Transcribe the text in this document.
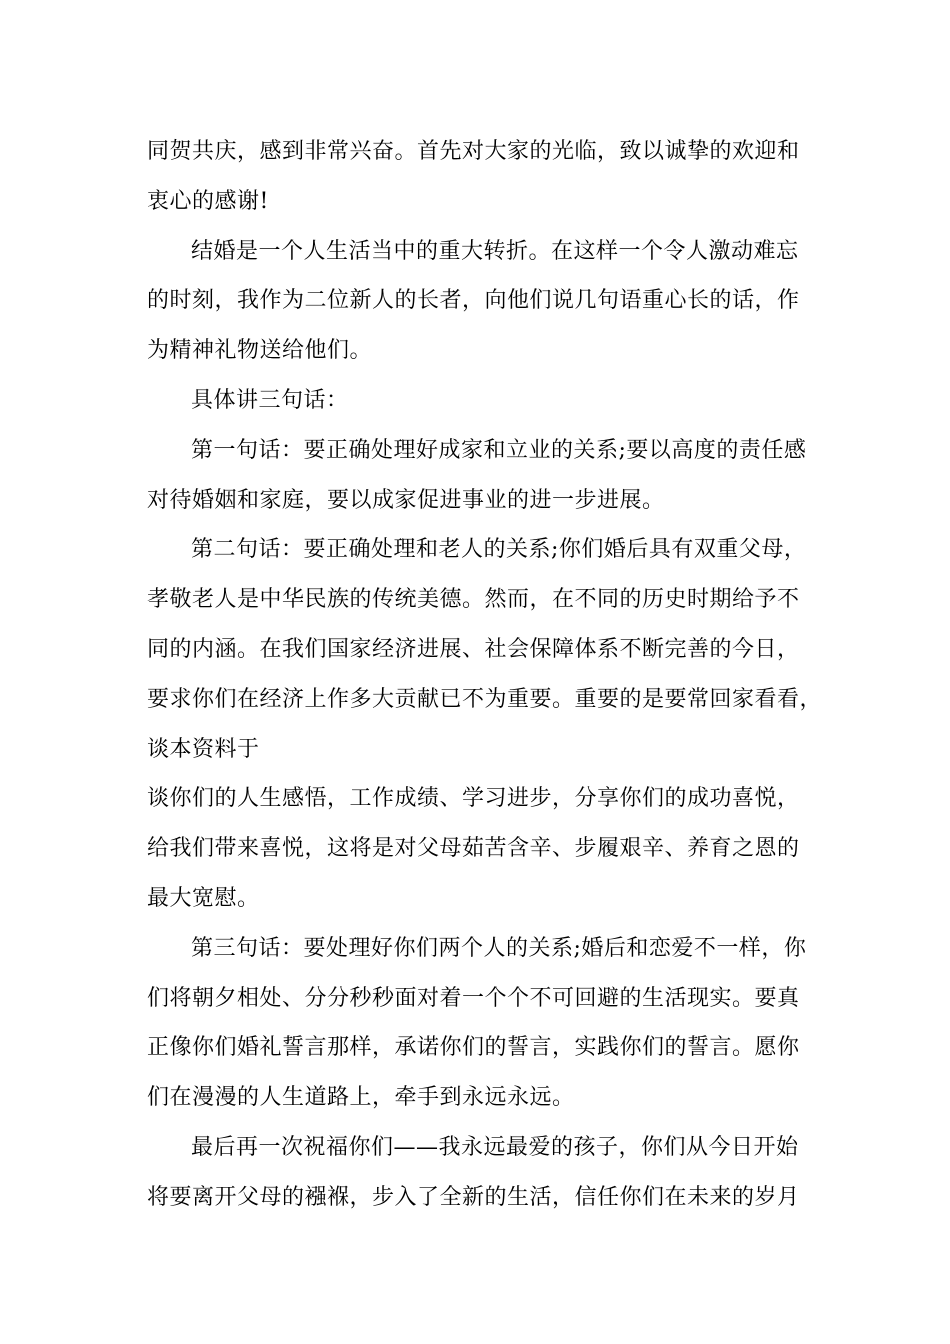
同贺共庆，感到非常兴奋。首先对大家的光临，致以诚挚的欢迎和
衷心的感谢!
结婚是一个人生活当中的重大转折。在这样一个令人激动难忘
的时刻，我作为二位新人的长者，向他们说几句语重心长的话，作
为精神礼物送给他们。
具体讲三句话：
第一句话：要正确处理好成家和立业的关系;要以高度的责任感
对待婚姻和家庭，要以成家促进事业的进一步进展。
第二句话：要正确处理和老人的关系;你们婚后具有双重父母，
孝敬老人是中华民族的传统美德。然而，在不同的历史时期给予不
同的内涵。在我们国家经济进展、社会保障体系不断完善的今日，
要求你们在经济上作多大贡献已不为重要。重要的是要常回家看看，
谈本资料于
谈你们的人生感悟，工作成绩、学习进步，分享你们的成功喜悦，
给我们带来喜悦，这将是对父母茹苦含辛、步履艰辛、养育之恩的
最大宽慰。
第三句话：要处理好你们两个人的关系;婚后和恋爱不一样，你
们将朝夕相处、分分秒秒面对着一个个不可回避的生活现实。要真
正像你们婚礼誓言那样，承诺你们的誓言，实践你们的誓言。愿你
们在漫漫的人生道路上，牵手到永远永远。
最后再一次祝福你们——我永远最爱的孩子，你们从今日开始
将要离开父母的襁褓，步入了全新的生活，信任你们在未来的岁月
